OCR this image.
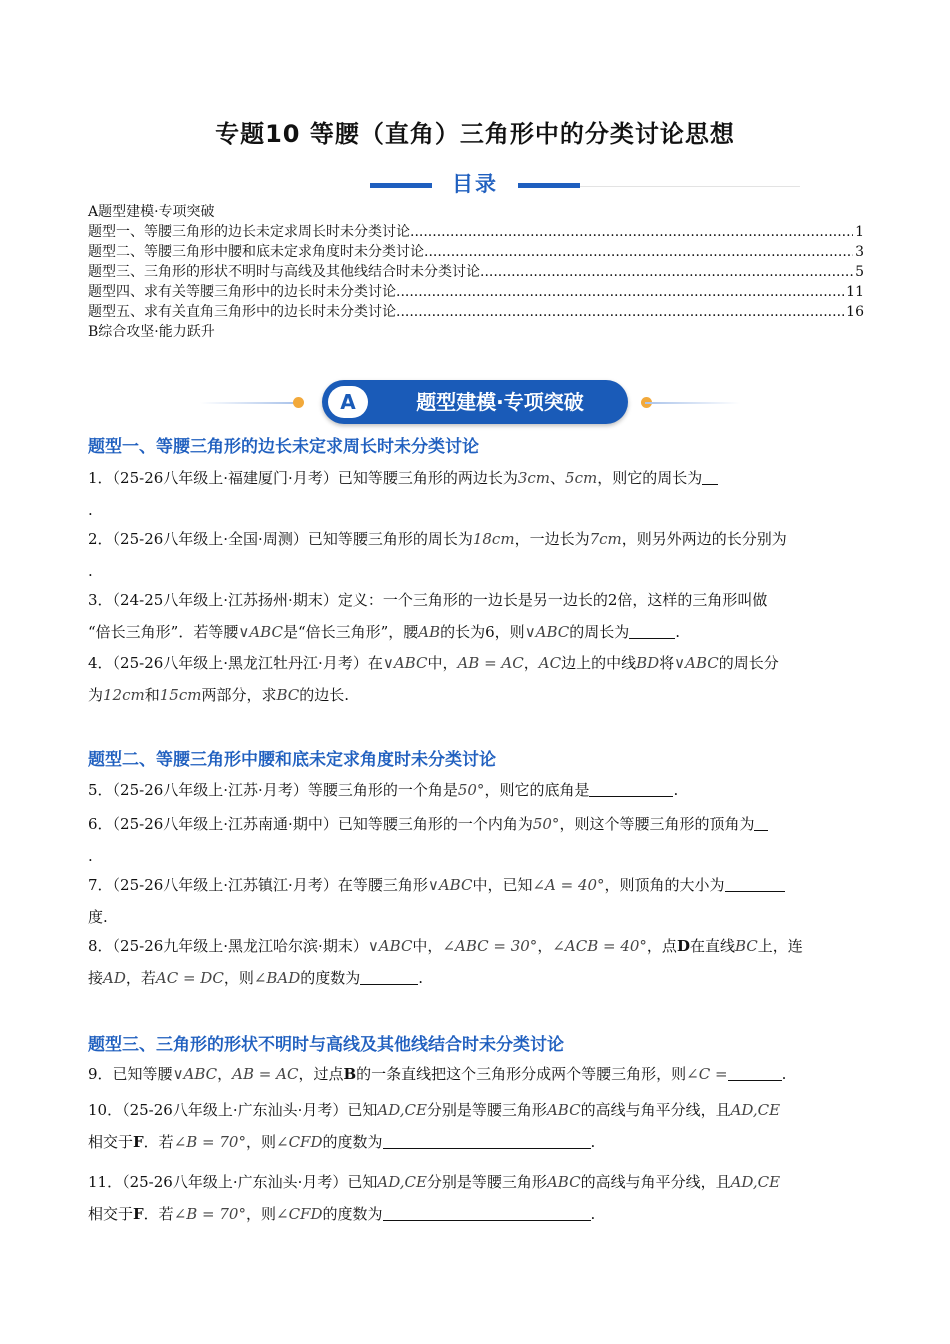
专题10 等腰（直角）三角形中的分类讨论思想
目录
A题型建模·专项突破
题型一、等腰三角形的边长未定求周长时未分类讨论 .....	1
题型二、等腰三角形中腰和底未定求角度时未分类讨论 .....	3
题型三、三角形的形状不明时与高线及其他线结合时未分类讨论 .....	5
题型四、求有关等腰三角形中的边长时未分类讨论 .....	11
题型五、求有关直角三角形中的边长时未分类讨论 .....	16
B综合攻坚·能力跃升
A	题型建模·专项突破
题型一、等腰三角形的边长未定求周长时未分类讨论
1．（25-26八年级上·福建厦门·月考）已知等腰三角形的两边长为3cm、5cm，则它的周长为
.
2．（25-26八年级上·全国·周测）已知等腰三角形的周长为18cm，一边长为7cm，则另外两边的长分别为
.
3．（24-25八年级上·江苏扬州·期末）定义：一个三角形的一边长是另一边长的2倍，这样的三角形叫做
“倍长三角形”．若等腰∨ABC是“倍长三角形”，腰AB的长为6，则∨ABC的周长为	.
4．（25-26八年级上·黑龙江牡丹江·月考）在∨ABC中，AB = AC，AC边上的中线BD将∨ABC的周长分
为12cm和15cm两部分，求BC的边长.
题型二、等腰三角形中腰和底未定求角度时未分类讨论
5．（25-26八年级上·江苏·月考）等腰三角形的一个角是50°，则它的底角是	.
6．（25-26八年级上·江苏南通·期中）已知等腰三角形的一个内角为50°，则这个等腰三角形的顶角为
.
7．（25-26八年级上·江苏镇江·月考）在等腰三角形∨ABC中，已知∠A = 40°，则顶角的大小为
度.
8．（25-26九年级上·黑龙江哈尔滨·期末）∨ABC中，∠ABC = 30°，∠ACB = 40°，点D在直线BC上，连
接AD，若AC = DC，则∠BAD的度数为	.
题型三、三角形的形状不明时与高线及其他线结合时未分类讨论
9．已知等腰∨ABC，AB = AC，过点B的一条直线把这个三角形分成两个等腰三角形，则∠C =	.
10．（25-26八年级上·广东汕头·月考）已知AD,CE分别是等腰三角形ABC的高线与角平分线，且AD,CE
相交于F．若∠B = 70°，则∠CFD的度数为	.
11．（25-26八年级上·广东汕头·月考）已知AD,CE分别是等腰三角形ABC的高线与角平分线，且AD,CE
相交于F．若∠B = 70°，则∠CFD的度数为	.
